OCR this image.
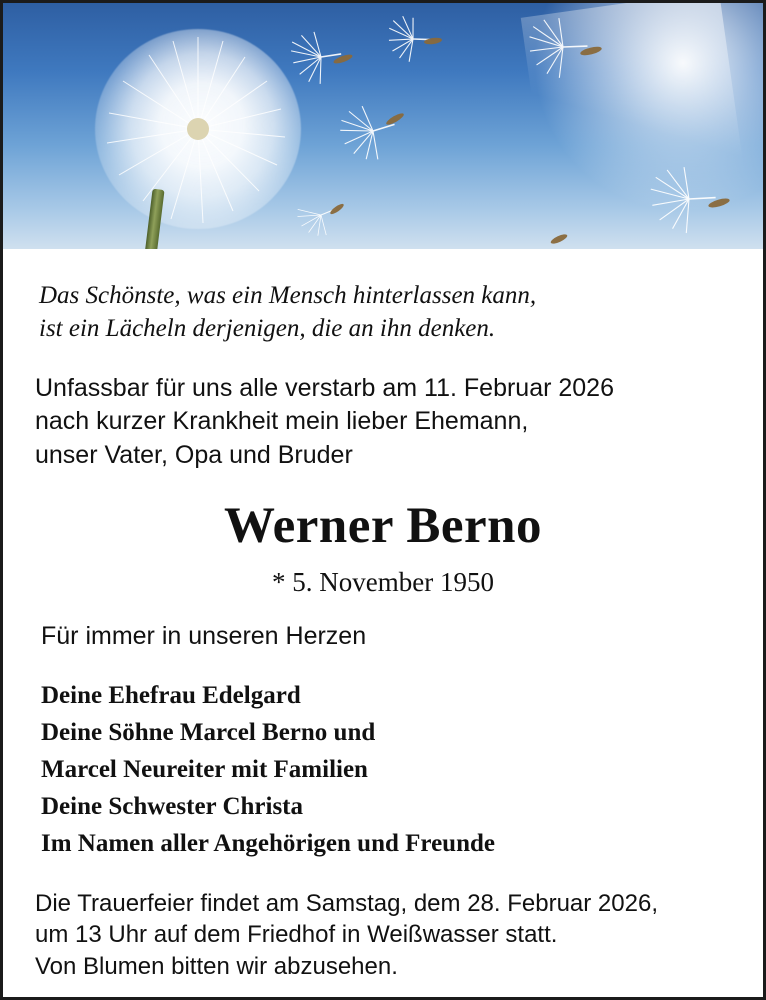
Das Schönste, was ein Mensch hinterlassen kann,
ist ein Lächeln derjenigen, die an ihn denken.
Unfassbar für uns alle verstarb am 11. Februar 2026
nach kurzer Krankheit mein lieber Ehemann,
unser Vater, Opa und Bruder
Werner Berno
* 5. November 1950
Für immer in unseren Herzen
Deine Ehefrau Edelgard
Deine Söhne Marcel Berno und
Marcel Neureiter mit Familien
Deine Schwester Christa
Im Namen aller Angehörigen und Freunde
Die Trauerfeier findet am Samstag, dem 28. Februar 2026,
um 13 Uhr auf dem Friedhof in Weißwasser statt.
Von Blumen bitten wir abzusehen.
